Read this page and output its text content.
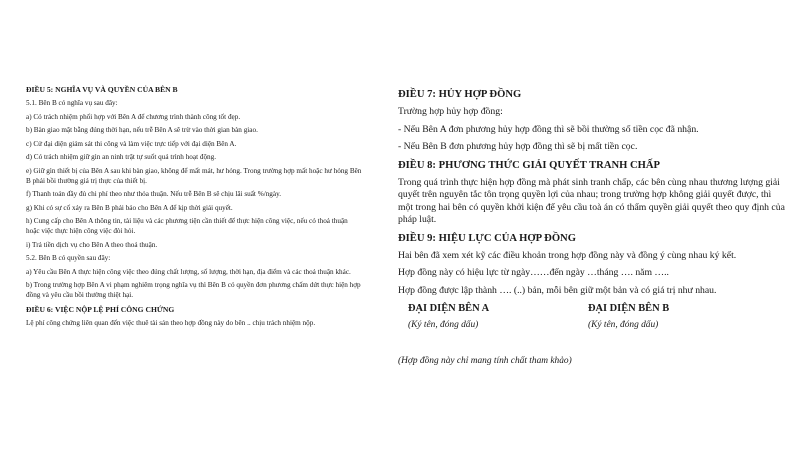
ĐIỀU 5: NGHĨA VỤ VÀ QUYỀN CỦA BÊN B
5.1. Bên B có nghĩa vụ sau đây:
a) Có trách nhiệm phối hợp với Bên A để chương trình thành công tốt đẹp.
b) Bàn giao mặt bằng đúng thời hạn, nếu trễ Bên A sẽ trừ vào thời gian bàn giao.
c) Cử đại diện giám sát thi công và làm việc trực tiếp với đại diện Bên A.
d) Có trách nhiệm giữ gìn an ninh trật tự suốt quá trình hoạt động.
e) Giữ gìn thiết bị của Bên A sau khi bàn giao, không để mất mát, hư hỏng. Trong trường hợp mất hoặc hư hỏng Bên B phải bồi thường giá trị thực của thiết bị.
f) Thanh toán đầy đủ chi phí theo như thỏa thuận. Nếu trễ Bên B sẽ chịu lãi suất %/ngày.
g) Khi có sự cố xảy ra Bên B phải báo cho Bên A để kịp thời giải quyết.
h) Cung cấp cho Bên A thông tin, tài liệu và các phương tiện cần thiết để thực hiện công việc, nếu có thoả thuận hoặc việc thực hiện công việc đòi hỏi.
i) Trả tiền dịch vụ cho Bên A theo thoả thuận.
5.2. Bên B có quyền sau đây:
a) Yêu cầu Bên A thực hiện công việc theo đúng chất lượng, số lượng, thời hạn, địa điểm và các thoả thuận khác.
b) Trong trường hợp Bên A vi phạm nghiêm trọng nghĩa vụ thì Bên B có quyền đơn phương chấm dứt thực hiện hợp đồng và yêu cầu bồi thường thiệt hại.
ĐIỀU 6: VIỆC NỘP LỆ PHÍ CÔNG CHỨNG
Lệ phí công chứng liên quan đến việc thuê tài sản theo hợp đồng này do bên .. chịu trách nhiệm nộp.
ĐIỀU 7: HỦY HỢP ĐỒNG
Trường hợp hủy hợp đồng:
- Nếu Bên A đơn phương hủy hợp đồng thì sẽ bồi thường số tiền cọc đã nhận.
- Nếu Bên B đơn phương hủy hợp đồng thì sẽ bị mất tiền cọc.
ĐIỀU 8: PHƯƠNG THỨC GIẢI QUYẾT TRANH CHẤP
Trong quá trình thực hiện hợp đồng mà phát sinh tranh chấp, các bên cùng nhau thương lượng giải quyết trên nguyên tắc tôn trọng quyền lợi của nhau; trong trường hợp không giải quyết được, thì một trong hai bên có quyền khởi kiện để yêu cầu toà án có thẩm quyền giải quyết theo quy định của pháp luật.
ĐIỀU 9: HIỆU LỰC CỦA HỢP ĐỒNG
Hai bên đã xem xét kỹ các điều khoản trong hợp đồng này và đồng ý cùng nhau ký kết.
Hợp đồng này có hiệu lực từ ngày……đến ngày …tháng …. năm …..
Hợp đồng được lập thành …. (..) bản, mỗi bên giữ một bản và có giá trị như nhau.
ĐẠI DIỆN BÊN A
(Ký tên, đóng dấu)
ĐẠI DIỆN BÊN B
(Ký tên, đóng dấu)
(Hợp đồng này chỉ mang tính chất tham khảo)
